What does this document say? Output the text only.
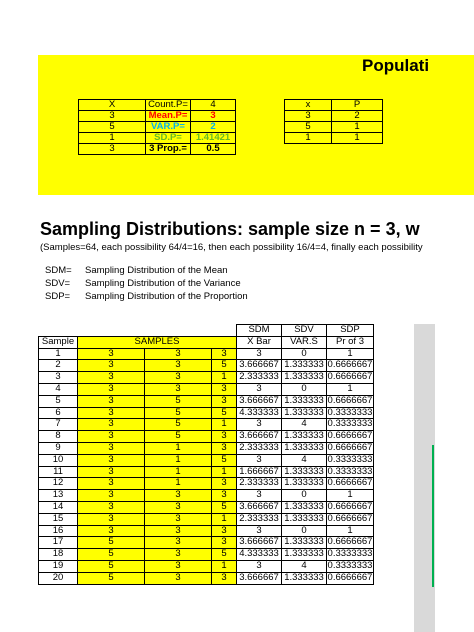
Populati
X	Count.P=	4
3	Mean.P=	3
5	VAR.P=	2
1	SD.P=	1.41421
3	3 Prop.=	0.5
x	P
3	2
5	1
1	1
Sampling Distributions: sample size n = 3, w
(Samples=64, each possibility 64/4=16, then each possibility 16/4=4, finally each possibility
SDM= Sampling Distribution of the Mean
SDV= Sampling Distribution of the Variance
SDP= Sampling Distribution of the Proportion
				SDM	SDV	SDP
Sample	SAMPLES			X Bar	VAR.S	Pr of 3
1	3	3	3	3	0	1
2	3	3	5	3.666667	1.333333	0.6666667
3	3	3	1	2.333333	1.333333	0.6666667
4	3	3	3	3	0	1
5	3	5	3	3.666667	1.333333	0.6666667
6	3	5	5	4.333333	1.333333	0.3333333
7	3	5	1	3	4	0.3333333
8	3	5	3	3.666667	1.333333	0.6666667
9	3	1	3	2.333333	1.333333	0.6666667
10	3	1	5	3	4	0.3333333
11	3	1	1	1.666667	1.333333	0.3333333
12	3	1	3	2.333333	1.333333	0.6666667
13	3	3	3	3	0	1
14	3	3	5	3.666667	1.333333	0.6666667
15	3	3	1	2.333333	1.333333	0.6666667
16	3	3	3	3	0	1
17	5	3	3	3.666667	1.333333	0.6666667
18	5	3	5	4.333333	1.333333	0.3333333
19	5	3	1	3	4	0.3333333
20	5	3	3	3.666667	1.333333	0.6666667
